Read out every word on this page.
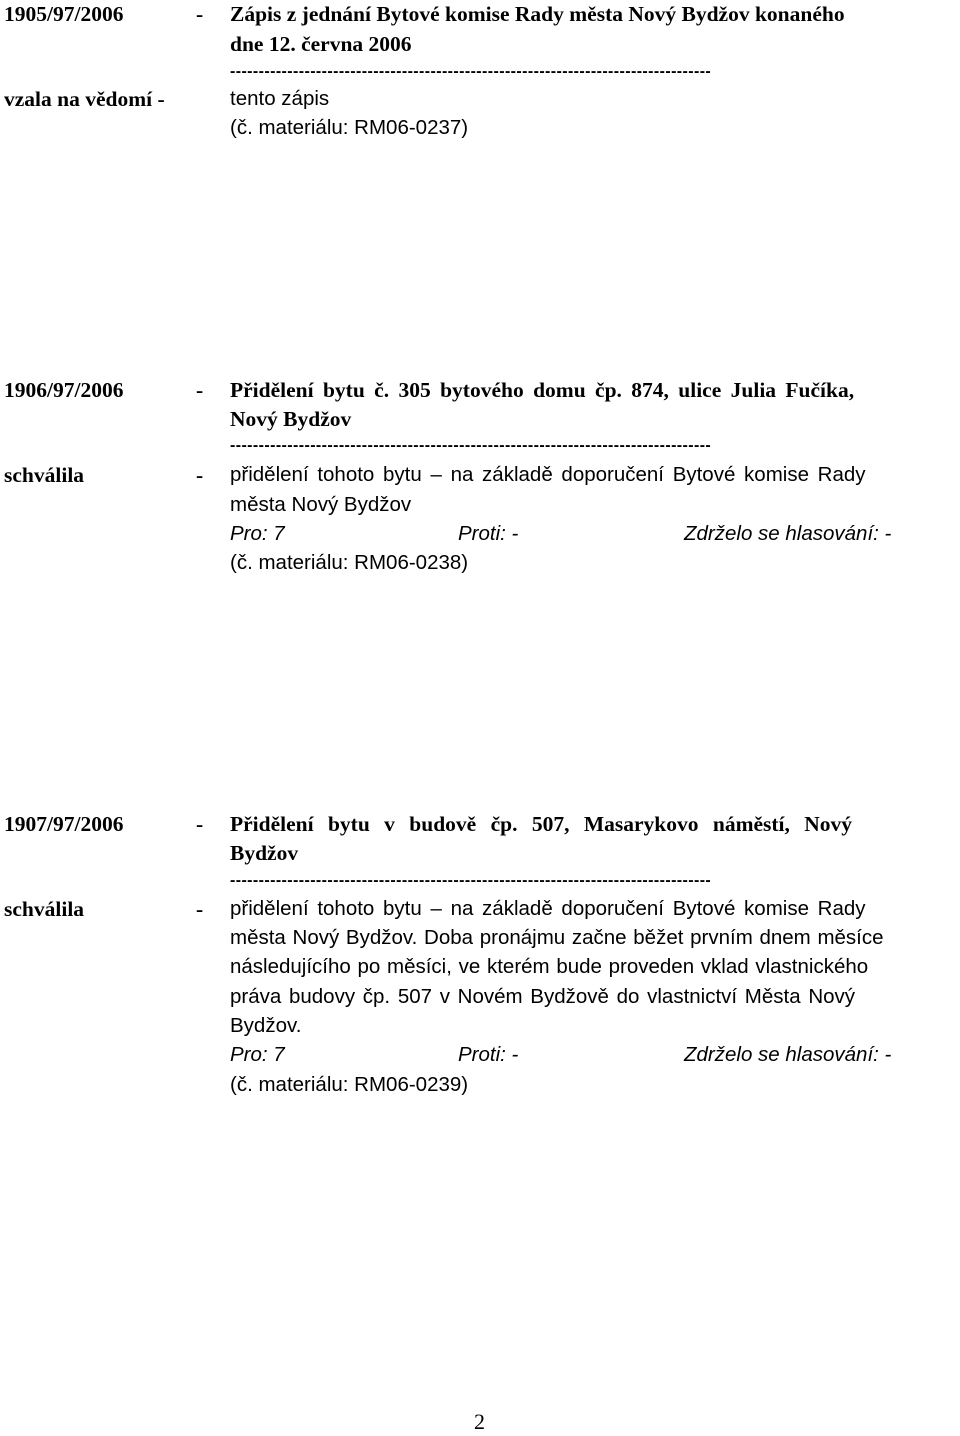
1905/97/2006	- Zápis z jednání Bytové komise Rady města Nový Bydžov konaného
dne 12. června 2006
------------------------------------------------------------------------------------
vzala na vědomí -	tento zápis
(č. materiálu: RM06-0237)
1906/97/2006	- Přidělení bytu č. 305 bytového domu čp. 874, ulice Julia Fučíka,
Nový Bydžov
------------------------------------------------------------------------------------
schválila	- přidělení tohoto bytu – na základě doporučení Bytové komise Rady
města Nový Bydžov
Pro: 7	Proti: -	Zdrželo se hlasování: -
(č. materiálu: RM06-0238)
1907/97/2006	- Přidělení bytu v budově čp. 507, Masarykovo náměstí, Nový
Bydžov
------------------------------------------------------------------------------------
schválila	- přidělení tohoto bytu – na základě doporučení Bytové komise Rady
města Nový Bydžov. Doba pronájmu začne běžet prvním dnem měsíce
následujícího po měsíci, ve kterém bude proveden vklad vlastnického
práva budovy čp. 507 v Novém Bydžově do vlastnictví Města Nový
Bydžov.
Pro: 7	Proti: -	Zdrželo se hlasování: -
(č. materiálu: RM06-0239)
2
